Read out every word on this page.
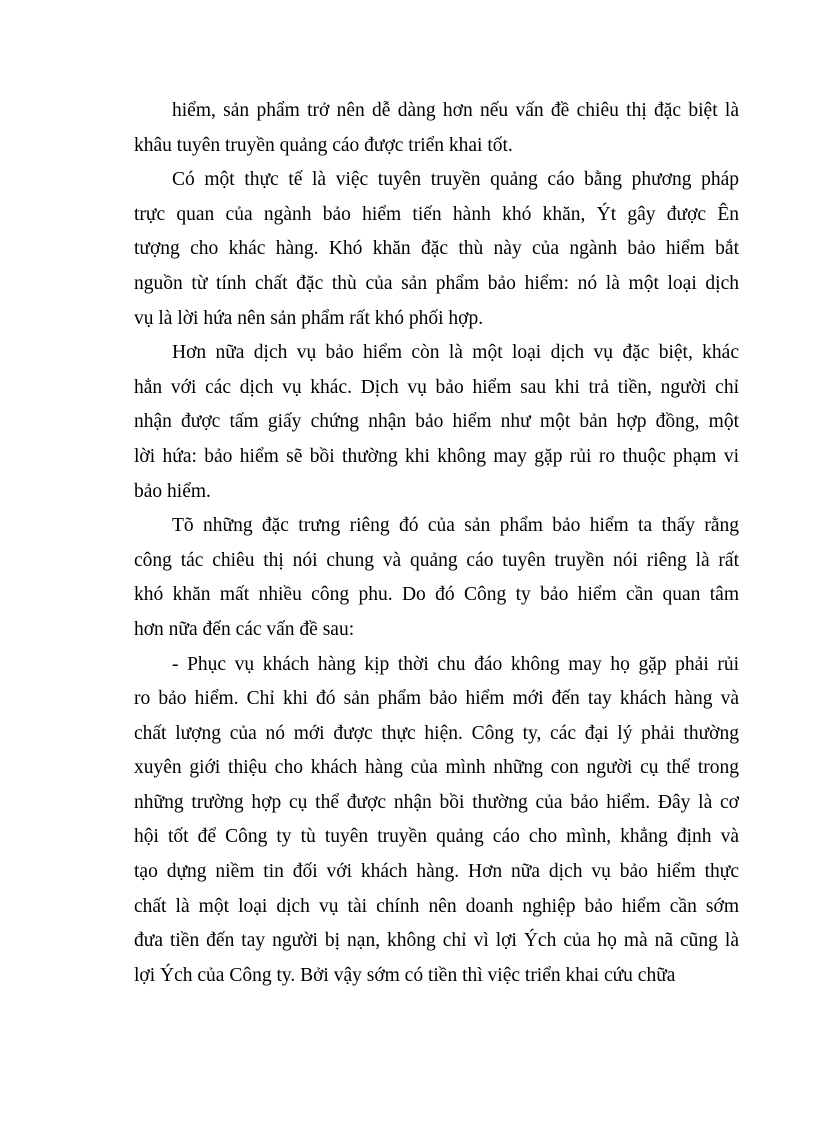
hiểm, sản phẩm trở nên dễ dàng hơn nếu vấn đề chiêu thị đặc biệt là
khâu tuyên truyền quảng cáo được triển khai tốt.
Có một thực tế là việc tuyên truyền quảng cáo bằng phương pháp
trực quan của ngành bảo hiểm tiến hành khó khăn, Ýt gây được Ên
tượng cho khác hàng. Khó khăn đặc thù này của ngành bảo hiểm bắt
nguồn từ tính chất đặc thù của sản phẩm bảo hiểm: nó là một loại dịch
vụ là lời hứa nên sản phẩm rất khó phối hợp.
Hơn nữa dịch vụ bảo hiểm còn là một loại dịch vụ đặc biệt, khác
hẳn với các dịch vụ khác. Dịch vụ bảo hiểm sau khi trả tiền, người chỉ
nhận được tấm giấy chứng nhận bảo hiểm như một bản hợp đồng, một
lời hứa: bảo hiểm sẽ bồi thường khi không may gặp rủi ro thuộc phạm vi
bảo hiểm.
Tõ những đặc trưng riêng đó của sản phẩm bảo hiểm ta thấy rằng
công tác chiêu thị nói chung và quảng cáo tuyên truyền nói riêng là rất
khó khăn mất nhiều công phu. Do đó Công ty bảo hiểm cần quan tâm
hơn nữa đến các vấn đề sau:
- Phục vụ khách hàng kịp thời chu đáo không may họ gặp phải rủi
ro bảo hiểm. Chỉ khi đó sản phẩm bảo hiểm mới đến tay khách hàng và
chất lượng của nó mới được thực hiện. Công ty, các đại lý phải thường
xuyên giới thiệu cho khách hàng của mình những con người cụ thể trong
những trường hợp cụ thể được nhận bồi thường của bảo hiểm. Đây là cơ
hội tốt để Công ty tù tuyên truyền quảng cáo cho mình, khẳng định và
tạo dựng niềm tin đối với khách hàng. Hơn nữa dịch vụ bảo hiểm thực
chất là một loại dịch vụ tài chính nên doanh nghiệp bảo hiểm cần sớm
đưa tiền đến tay người bị nạn, không chỉ vì lợi Ých của họ mà nã cũng là
lợi Ých của Công ty. Bởi vậy sớm có tiền thì việc triển khai cứu chữa
